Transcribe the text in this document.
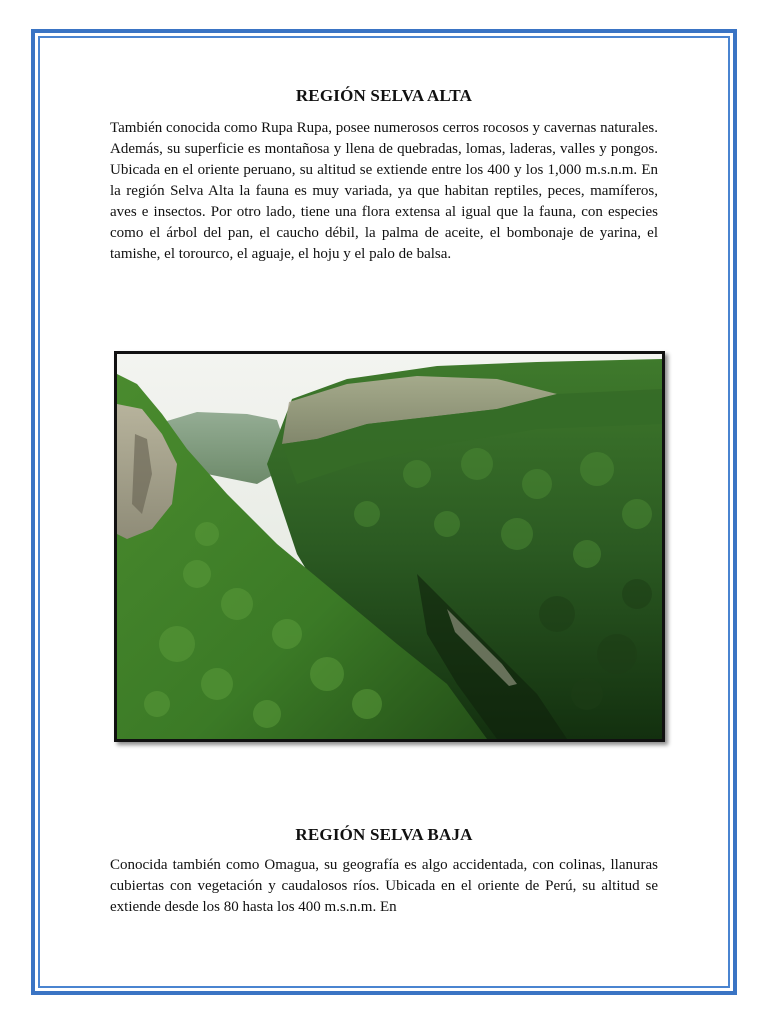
REGIÓN SELVA ALTA

También conocida como Rupa Rupa, posee numerosos cerros rocosos y cavernas naturales. Además, su superficie es montañosa y llena de quebradas, lomas, laderas, valles y pongos. Ubicada en el oriente peruano, su altitud se extiende entre los 400 y los 1,000 m.s.n.m. En la región Selva Alta la fauna es muy variada, ya que habitan reptiles, peces, mamíferos, aves e insectos. Por otro lado, tiene una flora extensa al igual que la fauna, con especies como el árbol del pan, el caucho débil, la palma de aceite, el bombonaje de yarina, el tamishe, el torourco, el aguaje, el hoju y el palo de balsa.

REGIÓN SELVA BAJA

Conocida también como Omagua, su geografía es algo accidentada, con colinas, llanuras cubiertas con vegetación y caudalosos ríos. Ubicada en el oriente de Perú, su altitud se extiende desde los 80 hasta los 400 m.s.n.m. En
